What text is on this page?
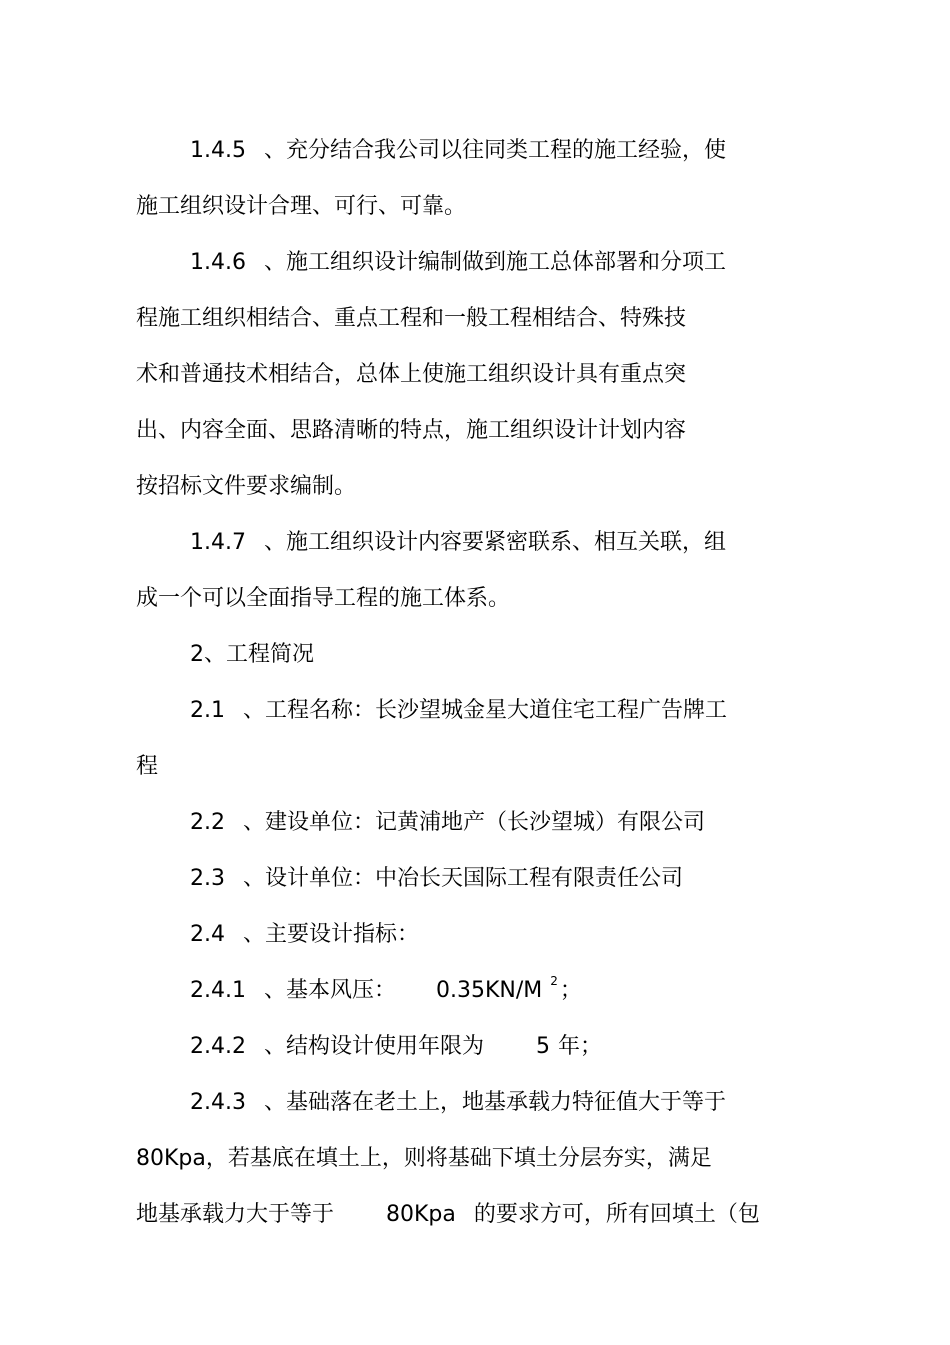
1.4.5 、充分结合我公司以往同类工程的施工经验，使
施工组织设计合理、可行、可靠。
1.4.6 、施工组织设计编制做到施工总体部署和分项工
程施工组织相结合、重点工程和一般工程相结合、特殊技
术和普通技术相结合，总体上使施工组织设计具有重点突
出、内容全面、思路清晰的特点，施工组织设计计划内容
按招标文件要求编制。
1.4.7 、施工组织设计内容要紧密联系、相互关联，组
成一个可以全面指导工程的施工体系。
2、工程简况
2.1 、工程名称：长沙望城金星大道住宅工程广告牌工
程
2.2 、建设单位：记黄浦地产（长沙望城）有限公司
2.3 、设计单位：中冶长天国际工程有限责任公司
2.4 、主要设计指标：
2.4.1 、基本风压： 0.35KN/M $^2$；
2.4.2 、结构设计使用年限为 5 年；
2.4.3 、基础落在老土上，地基承载力特征值大于等于
80Kpa，若基底在填土上，则将基础下填土分层夯实，满足
地基承载力大于等于 80Kpa 的要求方可，所有回填土（包
